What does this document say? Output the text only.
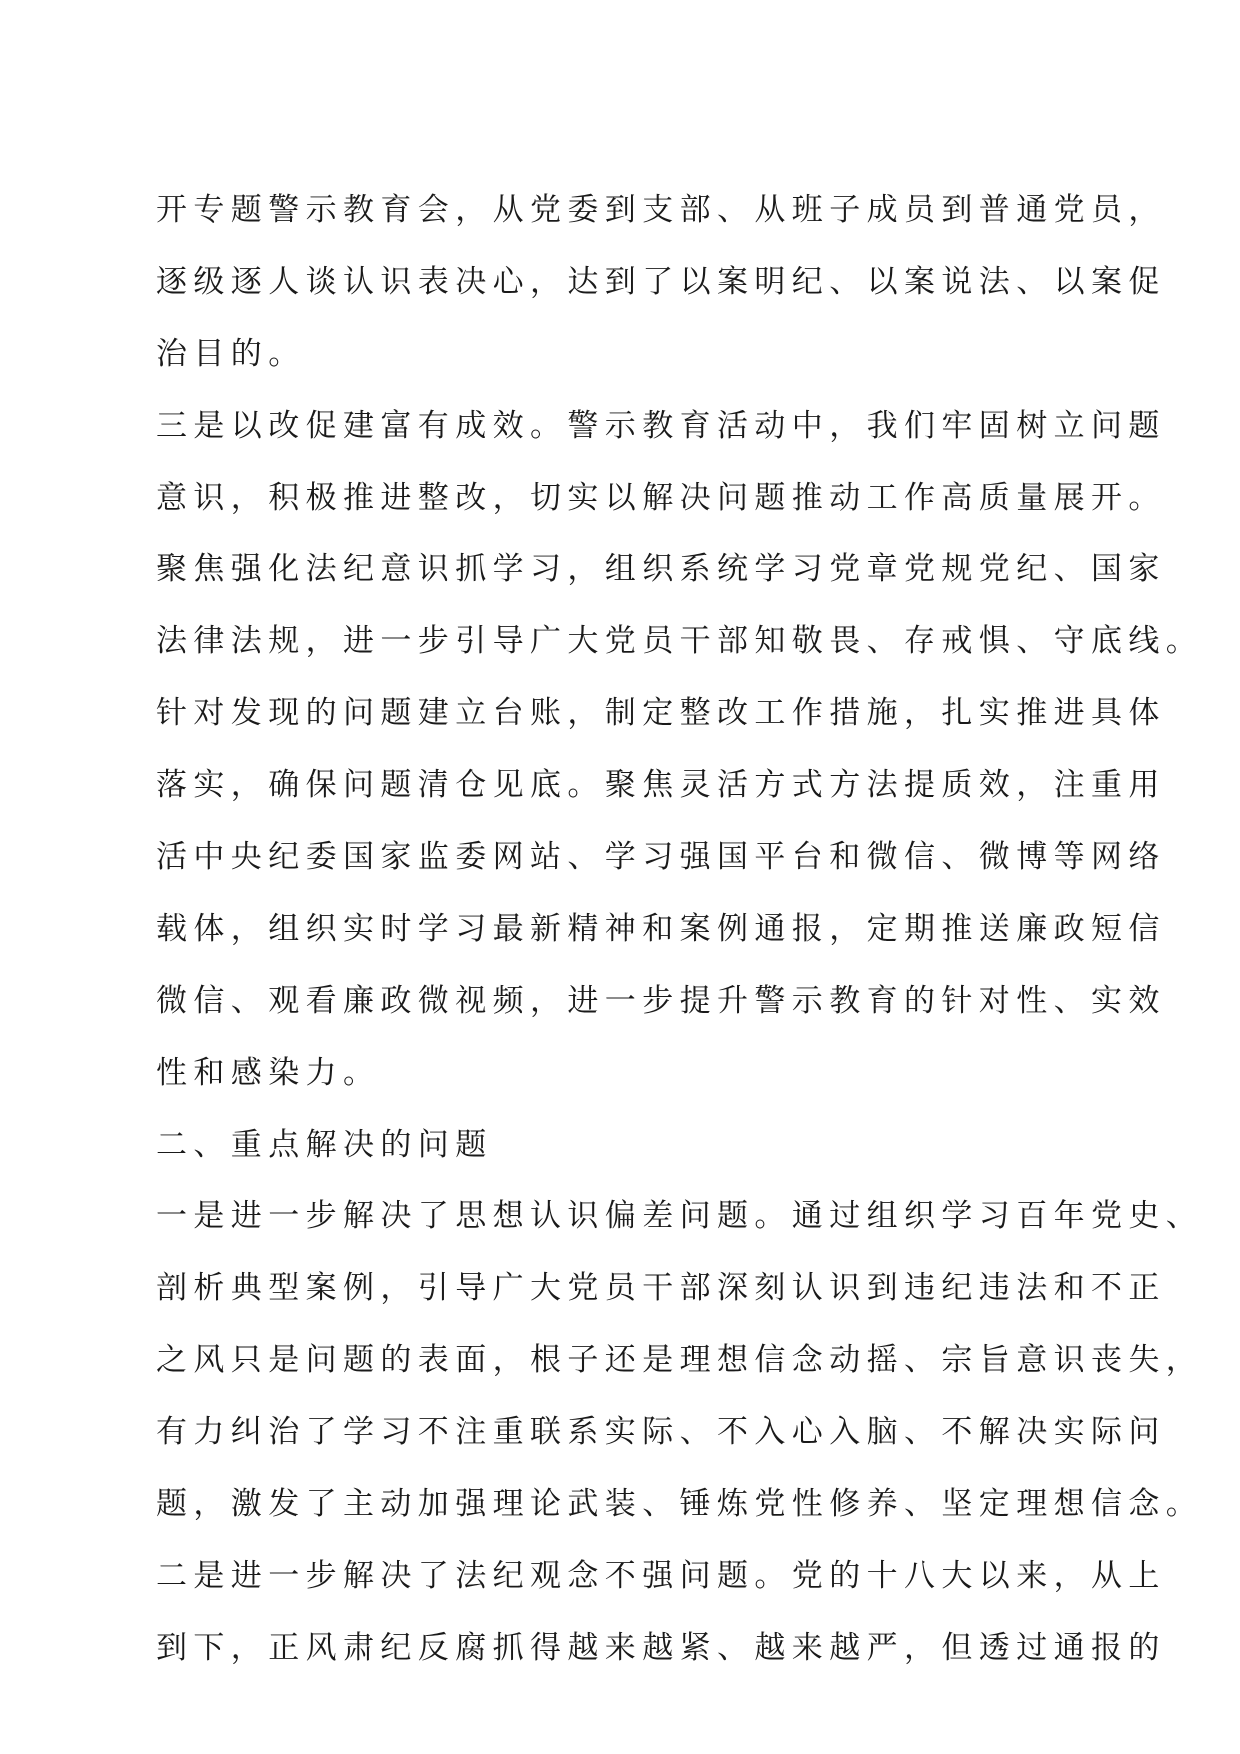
开专题警示教育会，从党委到支部、从班子成员到普通党员，
逐级逐人谈认识表决心，达到了以案明纪、以案说法、以案促
治目的。
三是以改促建富有成效。警示教育活动中，我们牢固树立问题
意识，积极推进整改，切实以解决问题推动工作高质量展开。
聚焦强化法纪意识抓学习，组织系统学习党章党规党纪、国家
法律法规，进一步引导广大党员干部知敬畏、存戒惧、守底线。
针对发现的问题建立台账，制定整改工作措施，扎实推进具体
落实，确保问题清仓见底。聚焦灵活方式方法提质效，注重用
活中央纪委国家监委网站、学习强国平台和微信、微博等网络
载体，组织实时学习最新精神和案例通报，定期推送廉政短信
微信、观看廉政微视频，进一步提升警示教育的针对性、实效
性和感染力。
二、重点解决的问题
一是进一步解决了思想认识偏差问题。通过组织学习百年党史、
剖析典型案例，引导广大党员干部深刻认识到违纪违法和不正
之风只是问题的表面，根子还是理想信念动摇、宗旨意识丧失，
有力纠治了学习不注重联系实际、不入心入脑、不解决实际问
题，激发了主动加强理论武装、锤炼党性修养、坚定理想信念。
二是进一步解决了法纪观念不强问题。党的十八大以来，从上
到下，正风肃纪反腐抓得越来越紧、越来越严，但透过通报的
